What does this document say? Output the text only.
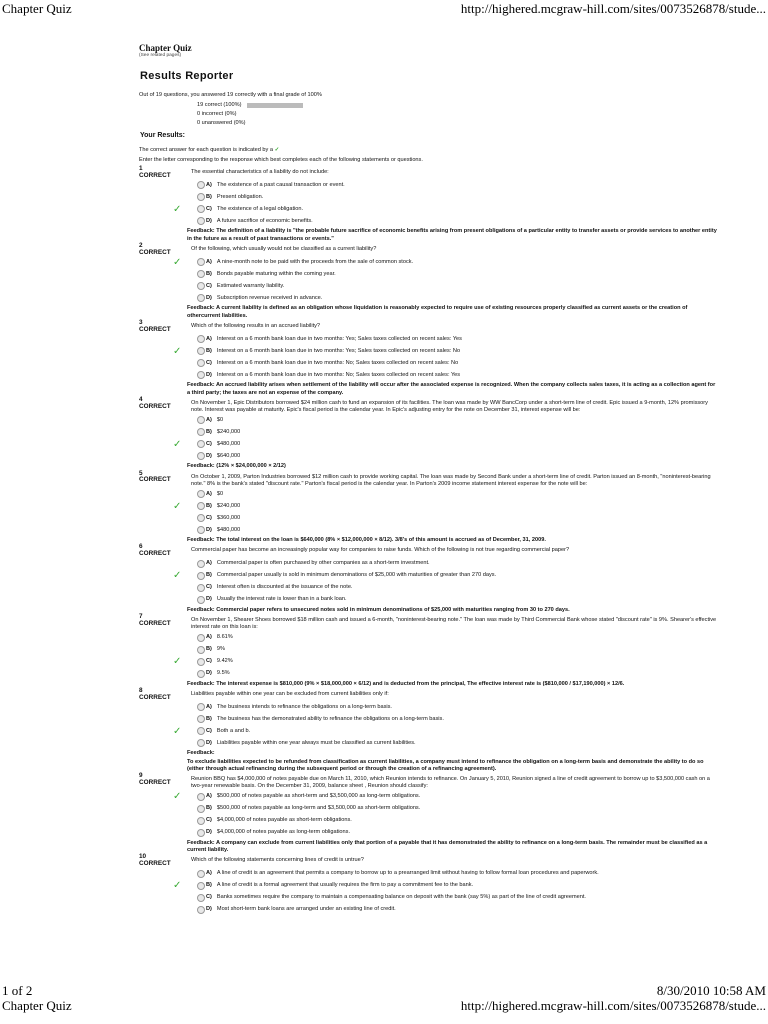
Chapter Quiz	http://highered.mcgraw-hill.com/sites/0073526878/stude...
Chapter Quiz
(See related pages)
Results Reporter
Out of 19 questions, you answered 19 correctly with a final grade of 100%
19 correct (100%)
0 incorrect (0%)
0 unanswered (0%)
Your Results:
The correct answer for each question is indicated by a ✓
Enter the letter corresponding to the response which best completes each of the following statements or questions.
1
CORRECT	The essential characteristics of a liability do not include:
A) The existence of a past causal transaction or event.
B) Present obligation.
✓	C) The existence of a legal obligation.
D) A future sacrifice of economic benefits.
Feedback: The definition of a liability is "the probable future sacrifice of economic benefits arising from present obligations of a particular entity to transfer assets or provide services to another entity in the future as a result of past transactions or events."
2
CORRECT	Of the following, which usually would not be classified as a current liability?
✓	A) A nine-month note to be paid with the proceeds from the sale of common stock.
B) Bonds payable maturing within the coming year.
C) Estimated warranty liability.
D) Subscription revenue received in advance.
Feedback: A current liability is defined as an obligation whose liquidation is reasonably expected to require use of existing resources properly classified as current assets or the creation of othercurrent liabilities.
3
CORRECT	Which of the following results in an accrued liability?
A) Interest on a 6 month bank loan due in two months: Yes; Sales taxes collected on recent sales: Yes
✓	B) Interest on a 6 month bank loan due in two months: Yes; Sales taxes collected on recent sales: No
C) Interest on a 6 month bank loan due in two months: No; Sales taxes collected on recent sales: No
D) Interest on a 6 month bank loan due in two months: No; Sales taxes collected on recent sales: Yes
Feedback: An accrued liability arises when settlement of the liability will occur after the associated expense is recognized. When the company collects sales taxes, it is acting as a collection agent for a third party; the taxes are not an expense of the company.
4
CORRECT	On November 1, Epic Distributors borrowed $24 million cash to fund an expansion of its facilities. The loan was made by WW BancCorp under a short-term line of credit. Epic issued a 9-month, 12% promissory note. Interest was payable at maturity. Epic's fiscal period is the calendar year. In Epic's adjusting entry for the note on December 31, interest expense will be:
A) $0
B) $240,000
✓	C) $480,000
D) $640,000
Feedback: (12% × $24,000,000 × 2/12)
5
CORRECT	On October 1, 2009, Parton Industries borrowed $12 million cash to provide working capital. The loan was made by Second Bank under a short-term line of credit. Parton issued an 8-month, "noninterest-bearing note." 8% is the bank's stated "discount rate." Parton's fiscal period is the calendar year. In Parton's 2009 income statement interest expense for the note will be:
A) $0
✓	B) $240,000
C) $360,000
D) $480,000
Feedback: The total interest on the loan is $640,000 (8% × $12,000,000 × 8/12). 3/8's of this amount is accrued as of December, 31, 2009.
6
CORRECT	Commercial paper has become an increasingly popular way for companies to raise funds. Which of the following is not true regarding commercial paper?
A) Commercial paper is often purchased by other companies as a short-term investment.
✓	B) Commercial paper usually is sold in minimum denominations of $25,000 with maturities of greater than 270 days.
C) Interest often is discounted at the issuance of the note.
D) Usually the interest rate is lower than in a bank loan.
Feedback: Commercial paper refers to unsecured notes sold in minimum denominations of $25,000 with maturities ranging from 30 to 270 days.
7
CORRECT	On November 1, Shearer Shoes borrowed $18 million cash and issued a 6-month, "noninterest-bearing note." The loan was made by Third Commercial Bank whose stated "discount rate" is 9%. Shearer's effective interest rate on this loan is:
A) 8.61%
B) 9%
✓	C) 9.42%
D) 9.5%
Feedback: The interest expense is $810,000 (9% × $18,000,000 × 6/12) and is deducted from the principal, The effective interest rate is ($810,000 / $17,190,000) × 12/6.
8
CORRECT	Liabilities payable within one year can be excluded from current liabilities only if:
A) The business intends to refinance the obligations on a long-term basis.
B) The business has the demonstrated ability to refinance the obligations on a long-term basis.
✓	C) Both a and b.
D) Liabilities payable within one year always must be classified as current liabilities.
Feedback:
To exclude liabilities expected to be refunded from classification as current liabilities, a company must intend to refinance the obligation on a long-term basis and demonstrate the ability to do so (either through actual refinancing during the subsequent period or through the creation of a refinancing agreement).
9
CORRECT	Reunion BBQ has $4,000,000 of notes payable due on March 11, 2010, which Reunion intends to refinance. On January 5, 2010, Reunion signed a line of credit agreement to borrow up to $3,500,000 cash on a two-year renewable basis. On the December 31, 2009, balance sheet , Reunion should classify:
✓	A) $500,000 of notes payable as short-term and $3,500,000 as long-term obligations.
B) $500,000 of notes payable as long-term and $3,500,000 as short-term obligations.
C) $4,000,000 of notes payable as short-term obligations.
D) $4,000,000 of notes payable as long-term obligations.
Feedback: A company can exclude from current liabilities only that portion of a payable that it has demonstrated the ability to refinance on a long-term basis. The remainder must be classified as a current liability.
10
CORRECT	Which of the following statements concerning lines of credit is untrue?
A) A line of credit is an agreement that permits a company to borrow up to a prearranged limit without having to follow formal loan procedures and paperwork.
✓	B) A line of credit is a formal agreement that usually requires the firm to pay a commitment fee to the bank.
C) Banks sometimes require the company to maintain a compensating balance on deposit with the bank (say 5%) as part of the line of credit agreement.
D) Most short-term bank loans are arranged under an existing line of credit.
1 of 2	8/30/2010 10:58 AM
Chapter Quiz	http://highered.mcgraw-hill.com/sites/0073526878/stude...
